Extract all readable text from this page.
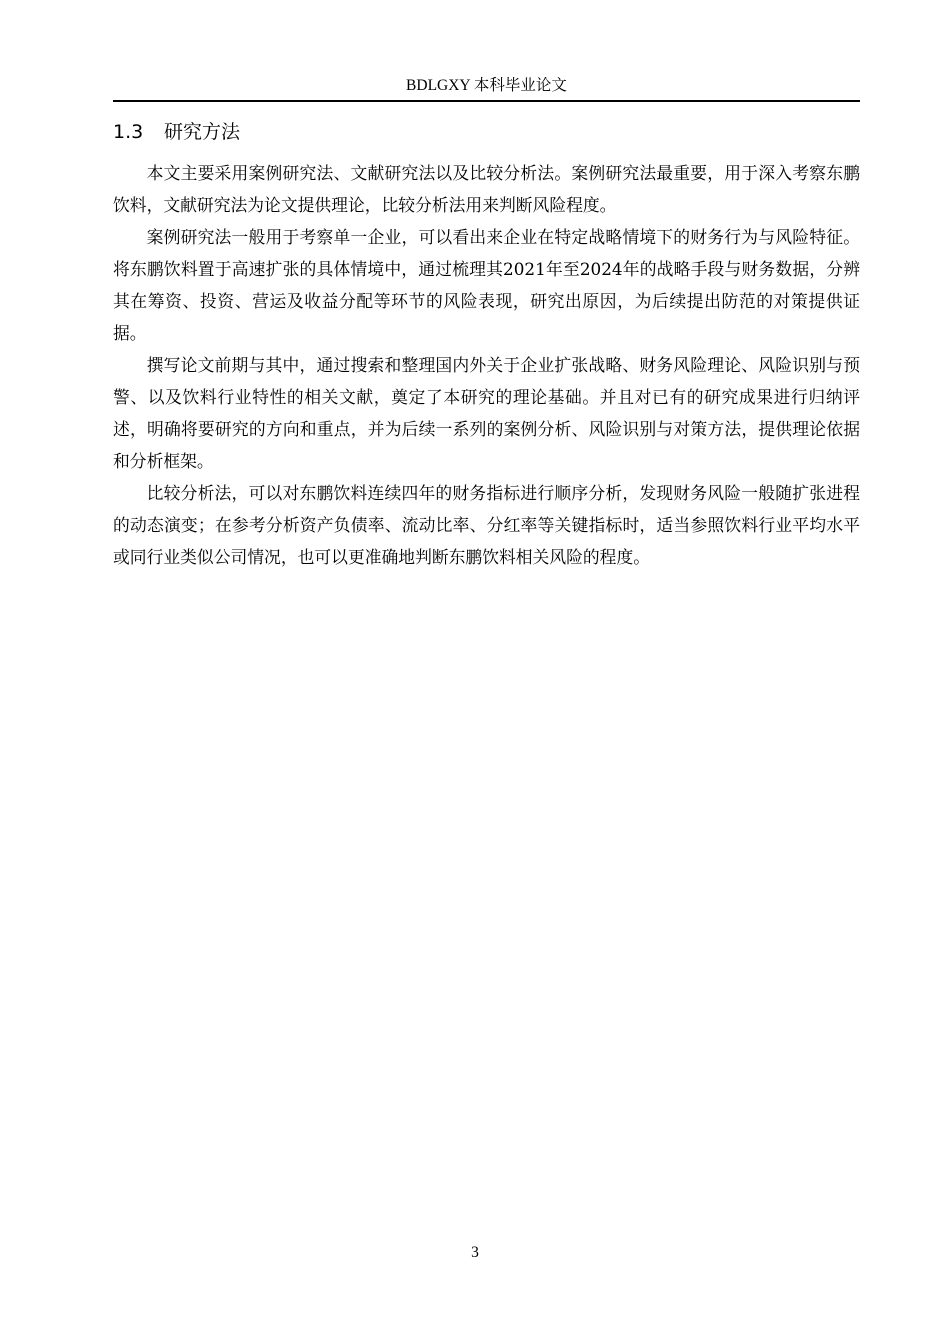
BDLGXY 本科毕业论文
1.3 研究方法

本文主要采用案例研究法、文献研究法以及比较分析法。案例研究法最重要，用于深入考察东鹏饮料，文献研究法为论文提供理论，比较分析法用来判断风险程度。

案例研究法一般用于考察单一企业，可以看出来企业在特定战略情境下的财务行为与风险特征。将东鹏饮料置于高速扩张的具体情境中，通过梳理其2021年至2024年的战略手段与财务数据，分辨其在筹资、投资、营运及收益分配等环节的风险表现，研究出原因，为后续提出防范的对策提供证据。

撰写论文前期与其中，通过搜索和整理国内外关于企业扩张战略、财务风险理论、风险识别与预警、以及饮料行业特性的相关文献，奠定了本研究的理论基础。并且对已有的研究成果进行归纳评述，明确将要研究的方向和重点，并为后续一系列的案例分析、风险识别与对策方法，提供理论依据和分析框架。

比较分析法，可以对东鹏饮料连续四年的财务指标进行顺序分析，发现财务风险一般随扩张进程的动态演变；在参考分析资产负债率、流动比率、分红率等关键指标时，适当参照饮料行业平均水平或同行业类似公司情况，也可以更准确地判断东鹏饮料相关风险的程度。

3
